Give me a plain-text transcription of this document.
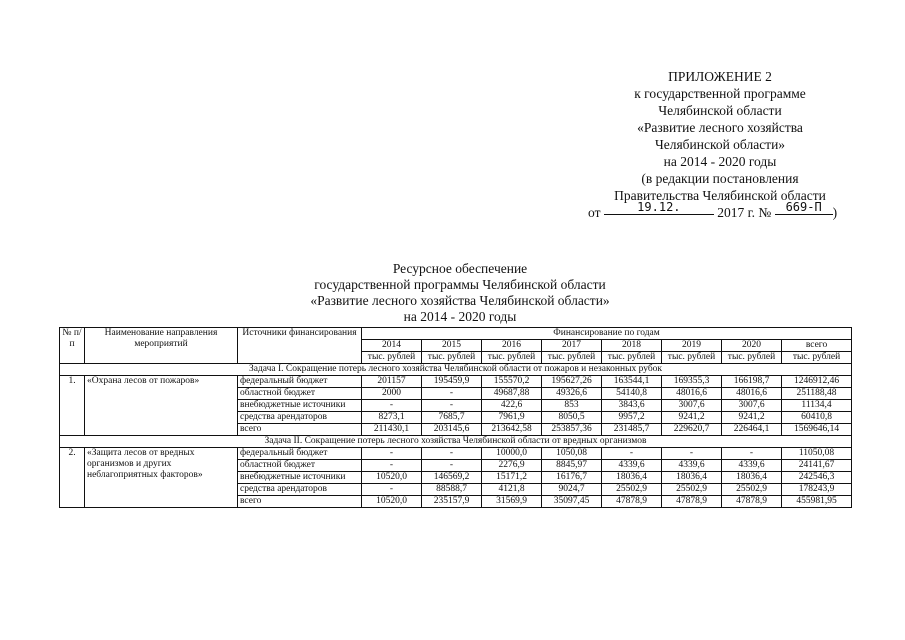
ПРИЛОЖЕНИЕ 2
к государственной программе
Челябинской области
«Развитие лесного хозяйства
Челябинской области»
на 2014 - 2020 годы
(в редакции постановления
Правительства Челябинской области
от	19.12.	2017 г. № 669-П )
Ресурсное обеспечение
государственной программы Челябинской области
«Развитие лесного хозяйства Челябинской области»
на 2014 - 2020 годы
№ п/п	Наименование направления мероприятий	Источники финансирования	Финансирование по годам							
			2014	2015	2016	2017	2018	2019	2020	всего
			тыс. рублей	тыс. рублей	тыс. рублей	тыс. рублей	тыс. рублей	тыс. рублей	тыс. рублей	тыс. рублей
Задача I. Сокращение потерь лесного хозяйства Челябинской области от пожаров и незаконных рубок										
1.	«Охрана лесов от пожаров»	федеральный бюджет	201157	195459,9	155570,2	195627,26	163544,1	169355,3	166198,7	1246912,46
		областной бюджет	2000	-	49687,88	49326,6	54140,8	48016,6	48016,6	251188,48
		внебюджетные источники	-	-	422,6	853	3843,6	3007,6	3007,6	11134,4
		средства арендаторов	8273,1	7685,7	7961,9	8050,5	9957,2	9241,2	9241,2	60410,8
		всего	211430,1	203145,6	213642,58	253857,36	231485,7	229620,7	226464,1	1569646,14
Задача II. Сокращение потерь лесного хозяйства Челябинской области от вредных организмов										
2.	«Защита лесов от вредных организмов и других неблагоприятных факторов»	федеральный бюджет	-	-	10000,0	1050,08	-	-	-	11050,08
		областной бюджет	-	-	2276,9	8845,97	4339,6	4339,6	4339,6	24141,67
		внебюджетные источники	10520,0	146569,2	15171,2	16176,7	18036,4	18036,4	18036,4	242546,3
		средства арендаторов	-	88588,7	4121,8	9024,7	25502,9	25502,9	25502,9	178243,9
		всего	10520,0	235157,9	31569,9	35097,45	47878,9	47878,9	47878,9	455981,95
